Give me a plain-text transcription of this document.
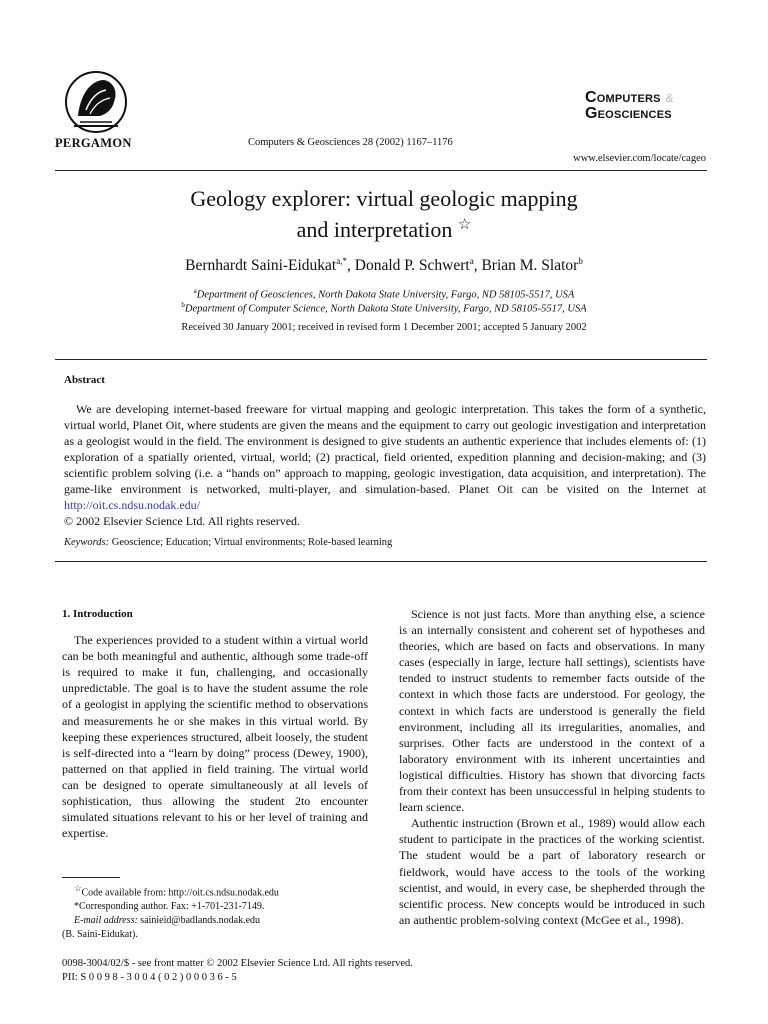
PERGAMON	Computers & Geosciences 28 (2002) 1167–1176
Computers &
Geosciences
www.elsevier.com/locate/cageo
Geology explorer: virtual geologic mapping
and interpretation ☆
Bernhardt Saini-Eidukat$^{a,*}$, Donald P. Schwert$^a$, Brian M. Slator$^b$
$^a$Department of Geosciences, North Dakota State University, Fargo, ND 58105-5517, USA
$^b$Department of Computer Science, North Dakota State University, Fargo, ND 58105-5517, USA
Received 30 January 2001; received in revised form 1 December 2001; accepted 5 January 2002
Abstract

We are developing internet-based freeware for virtual mapping and geologic interpretation. This takes the form of a synthetic, virtual world, Planet Oit, where students are given the means and the equipment to carry out geologic investigation and interpretation as a geologist would in the field. The environment is designed to give students an authentic experience that includes elements of: (1) exploration of a spatially oriented, virtual, world; (2) practical, field oriented, expedition planning and decision-making; and (3) scientific problem solving (i.e. a “hands on” approach to mapping, geologic investigation, data acquisition, and interpretation). The game-like environment is networked, multi-player, and simulation-based. Planet Oit can be visited on the Internet at http://oit.cs.ndsu.nodak.edu/

© 2002 Elsevier Science Ltd. All rights reserved.
Keywords: Geoscience; Education; Virtual environments; Role-based learning

1. Introduction

The experiences provided to a student within a virtual world can be both meaningful and authentic, although some trade-off is required to make it fun, challenging, and occasionally unpredictable. The goal is to have the student assume the role of a geologist in applying the scientific method to observations and measurements he or she makes in this virtual world. By keeping these experiences structured, albeit loosely, the student is self-directed into a “learn by doing” process (Dewey, 1900), patterned on that applied in field training. The virtual world can be designed to operate simultaneously at all levels of sophistication, thus allowing the student 2to encounter simulated situations relevant to his or her level of training and expertise.

Science is not just facts. More than anything else, a science is an internally consistent and coherent set of hypotheses and theories, which are based on facts and observations. In many cases (especially in large, lecture hall settings), scientists have tended to instruct students to remember facts outside of the context in which those facts are understood. For geology, the context in which facts are understood is generally the field environment, including all its irregularities, anomalies, and surprises. Other facts are understood in the context of a laboratory environment with its inherent uncertainties and logistical difficulties. History has shown that divorcing facts from their context has been unsuccessful in helping students to learn science.

Authentic instruction (Brown et al., 1989) would allow each student to participate in the practices of the working scientist. The student would be a part of laboratory research or fieldwork, would have access to the tools of the working scientist, and would, in every case, be shepherded through the scientific process. New concepts would be introduced in such an authentic problem-solving context (McGee et al., 1998).

☆Code available from: http://oit.cs.ndsu.nodak.edu
*Corresponding author. Fax: +1-701-231-7149.
E-mail address: sainieid@badlands.nodak.edu
(B. Saini-Eidukat).
0098-3004/02/$ - see front matter © 2002 Elsevier Science Ltd. All rights reserved.
PII: S 0 0 9 8 - 3 0 0 4 ( 0 2 ) 0 0 0 3 6 - 5
